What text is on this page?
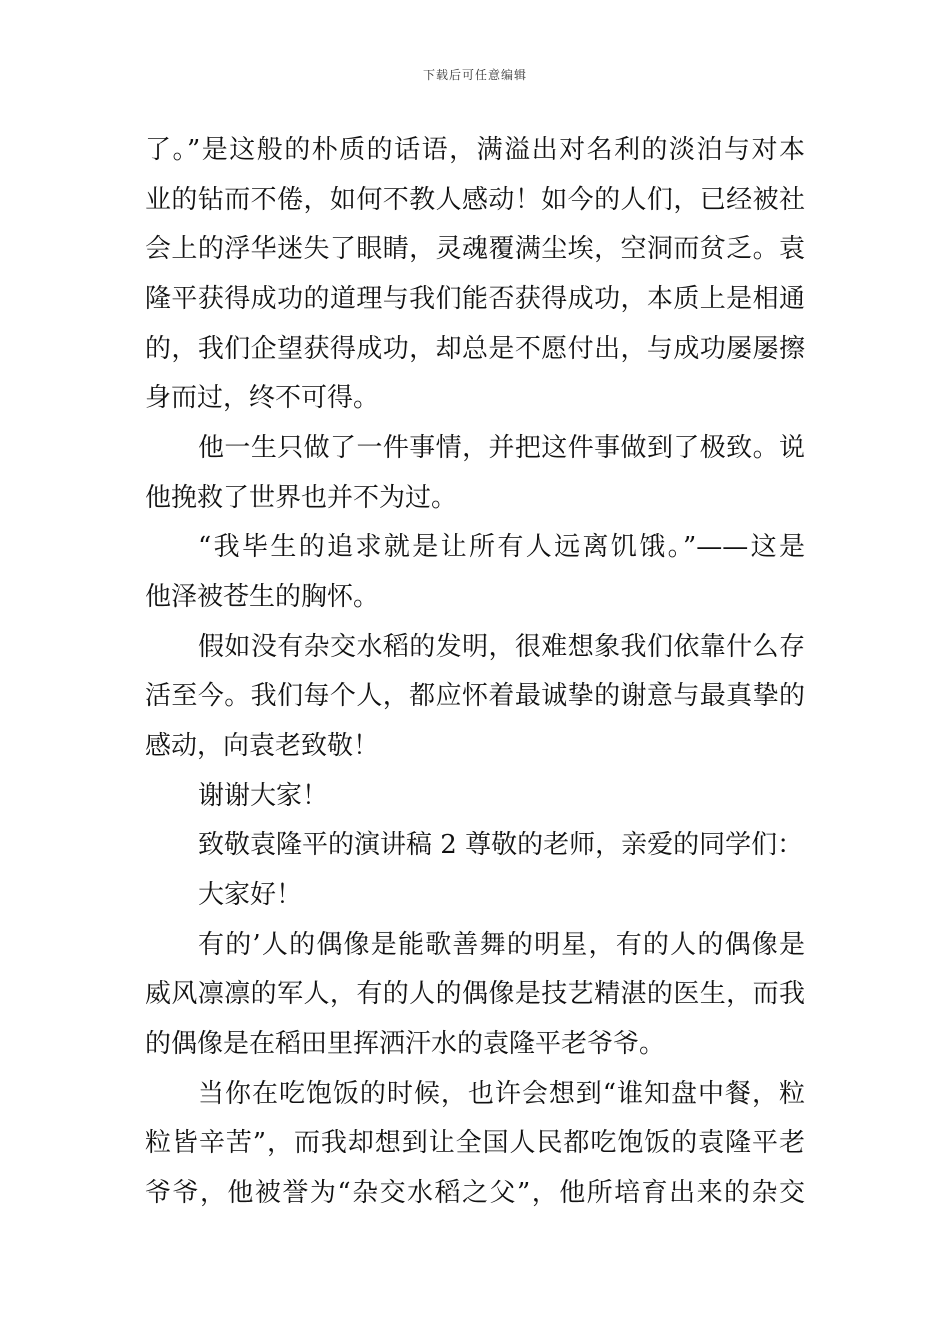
下载后可任意编辑
了。”是这般的朴质的话语，满溢出对名利的淡泊与对本
业的钻而不倦，如何不教人感动！如今的人们，已经被社
会上的浮华迷失了眼睛，灵魂覆满尘埃，空洞而贫乏。袁
隆平获得成功的道理与我们能否获得成功，本质上是相通
的，我们企望获得成功，却总是不愿付出，与成功屡屡擦
身而过，终不可得。
他一生只做了一件事情，并把这件事做到了极致。说
他挽救了世界也并不为过。
“我毕生的追求就是让所有人远离饥饿。”——这是
他泽被苍生的胸怀。
假如没有杂交水稻的发明，很难想象我们依靠什么存
活至今。我们每个人，都应怀着最诚挚的谢意与最真挚的
感动，向袁老致敬！
谢谢大家！
致敬袁隆平的演讲稿 2 尊敬的老师，亲爱的同学们：
大家好！
有的’人的偶像是能歌善舞的明星，有的人的偶像是
威风凛凛的军人，有的人的偶像是技艺精湛的医生，而我
的偶像是在稻田里挥洒汗水的袁隆平老爷爷。
当你在吃饱饭的时候，也许会想到“谁知盘中餐，粒
粒皆辛苦”，而我却想到让全国人民都吃饱饭的袁隆平老
爷爷，他被誉为“杂交水稻之父”，他所培育出来的杂交
